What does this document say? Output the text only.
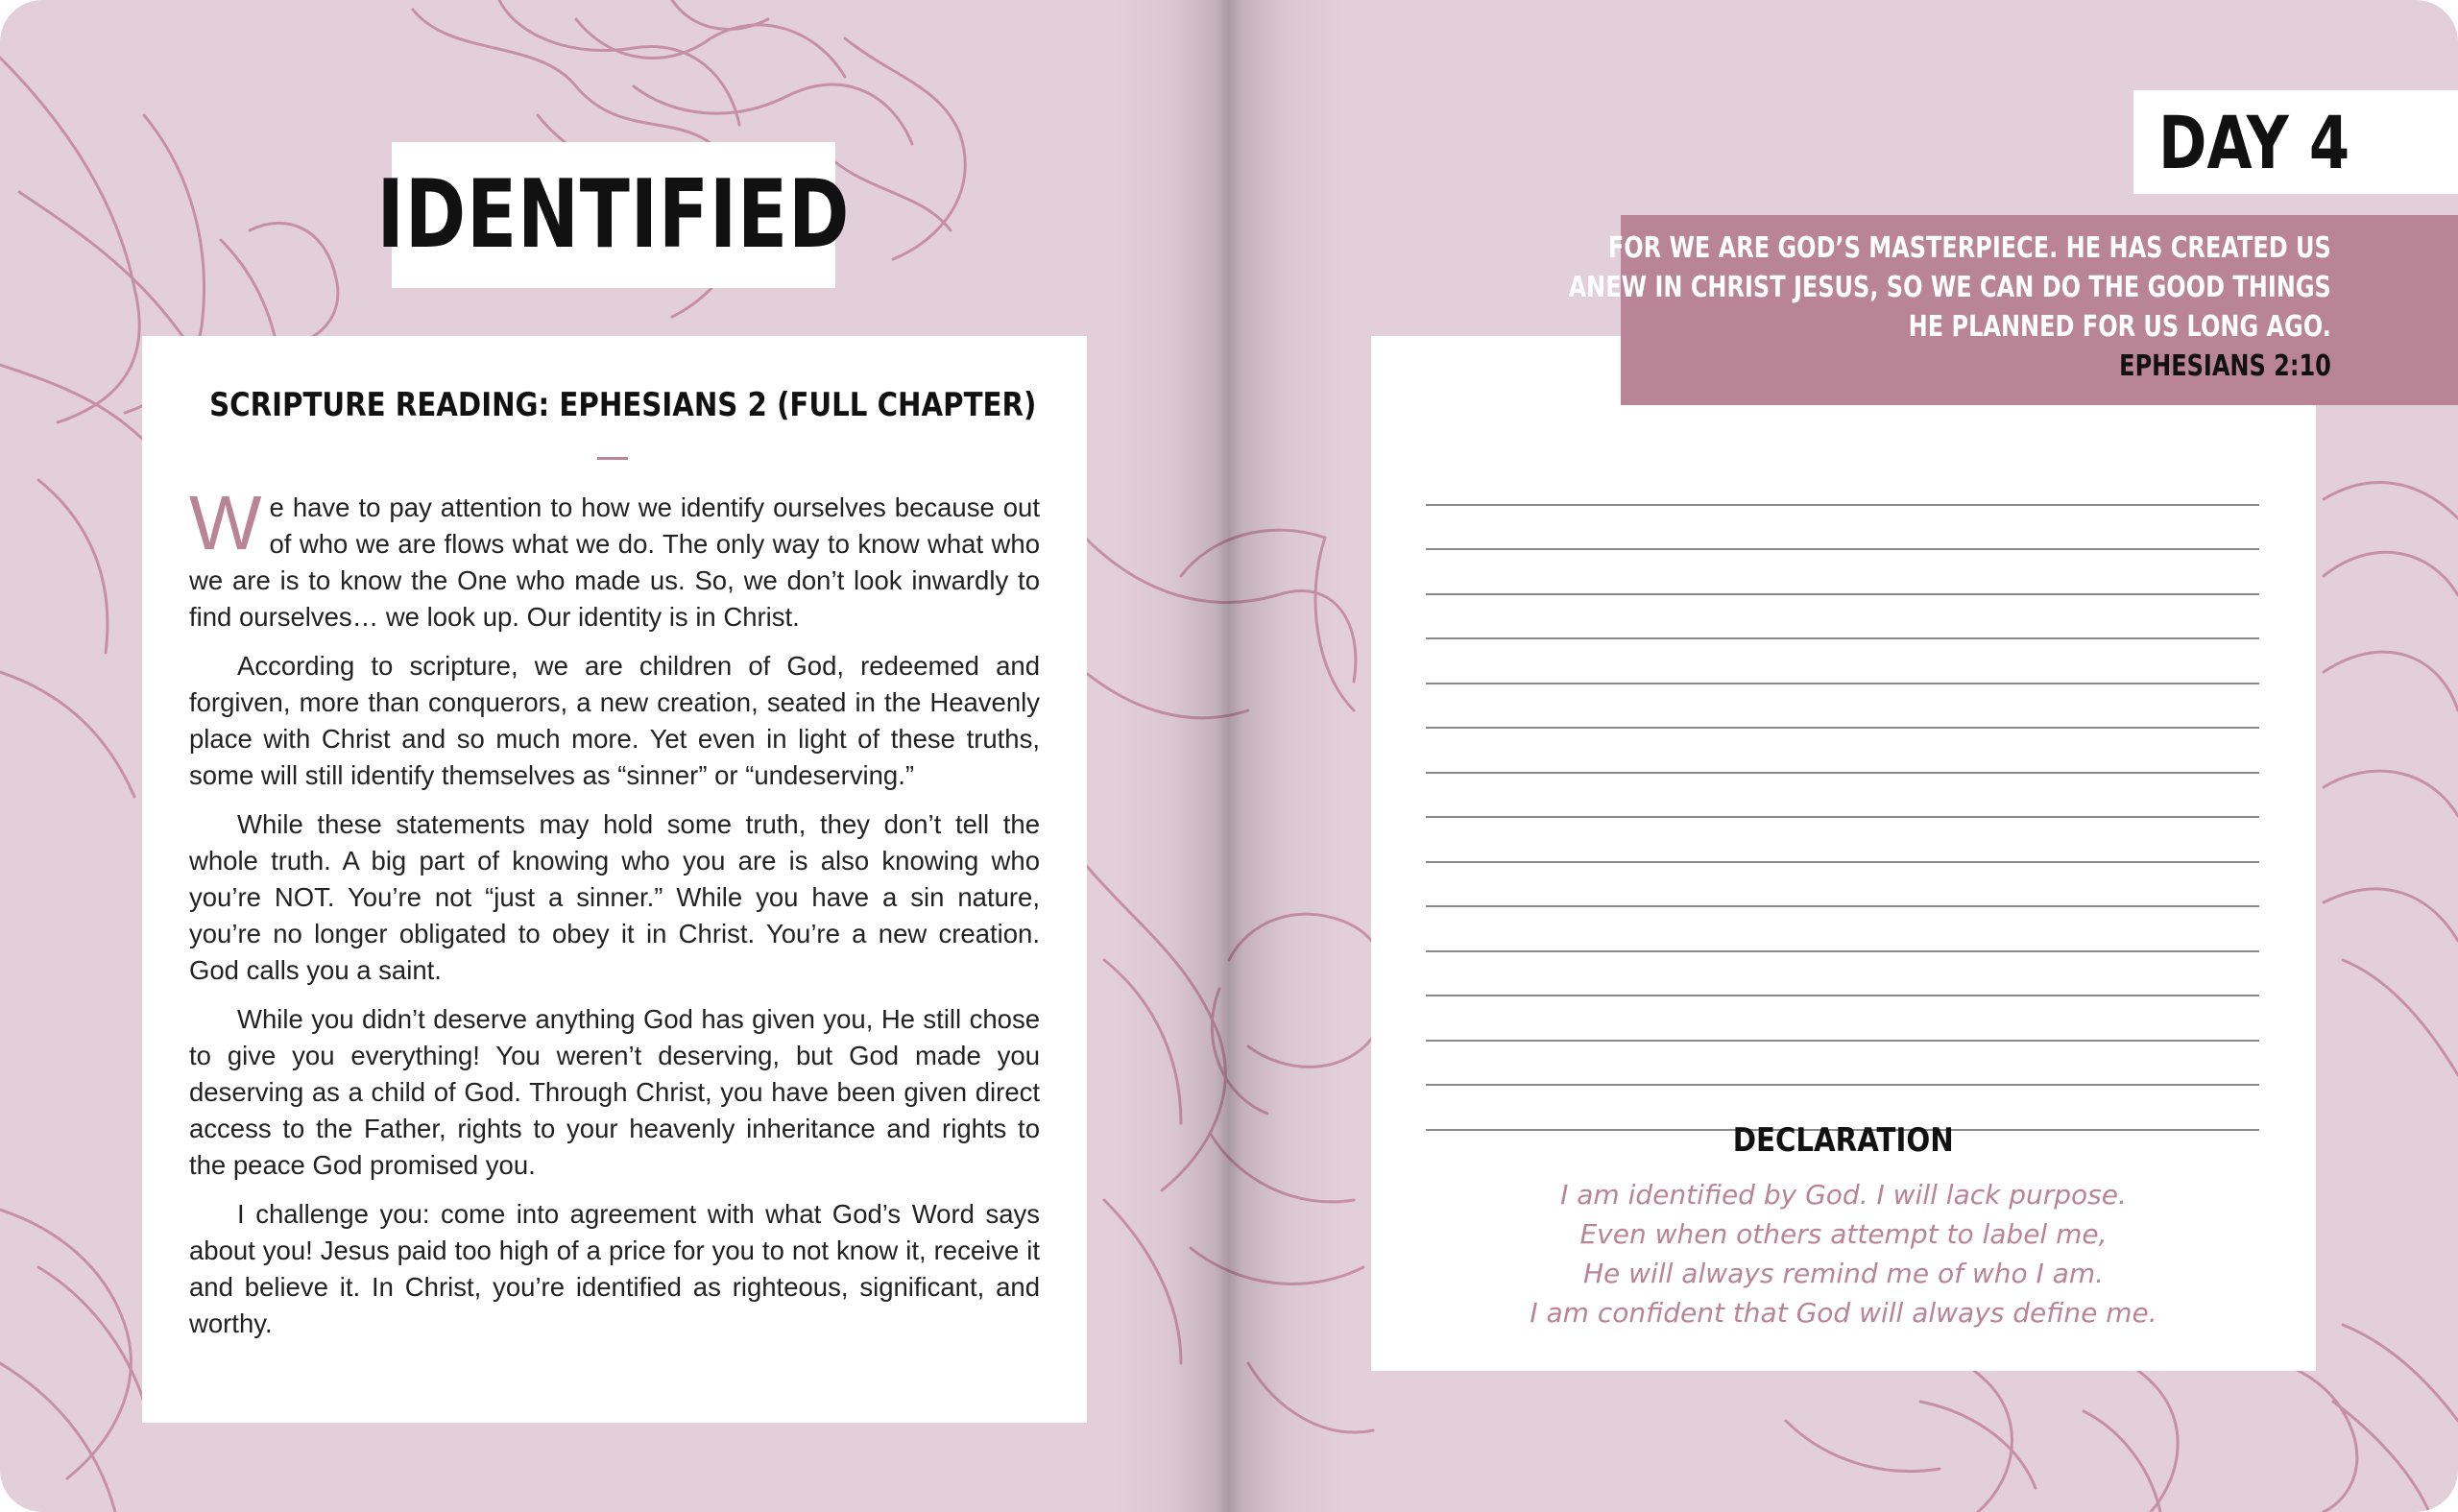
IDENTIFIED
SCRIPTURE READING: EPHESIANS 2 (FULL CHAPTER)

We have to pay attention to how we identify ourselves because out of who we are flows what we do. The only way to know what who we are is to know the One who made us. So, we don’t look inwardly to find ourselves… we look up. Our identity is in Christ.

According to scripture, we are children of God, redeemed and forgiven, more than conquerors, a new creation, seated in the Heavenly place with Christ and so much more. Yet even in light of these truths, some will still identify themselves as “sinner” or “undeserving.”

While these statements may hold some truth, they don’t tell the whole truth. A big part of knowing who you are is also knowing who you’re NOT. You’re not “just a sinner.” While you have a sin nature, you’re no longer obligated to obey it in Christ. You’re a new creation. God calls you a saint.

While you didn’t deserve anything God has given you, He still chose to give you everything! You weren’t deserving, but God made you deserving as a child of God. Through Christ, you have been given direct access to the Father, rights to your heavenly inheritance and rights to the peace God promised you.

I challenge you: come into agreement with what God’s Word says about you! Jesus paid too high of a price for you to not know it, receive it and believe it. In Christ, you’re identified as righteous, significant, and worthy.

FOR WE ARE GOD’S MASTERPIECE. HE HAS CREATED US
ANEW IN CHRIST JESUS, SO WE CAN DO THE GOOD THINGS
HE PLANNED FOR US LONG AGO.
EPHESIANS 2:10
DAY 4
DECLARATION
I am identified by God. I will lack purpose.
Even when others attempt to label me,
He will always remind me of who I am.
I am confident that God will always define me.
